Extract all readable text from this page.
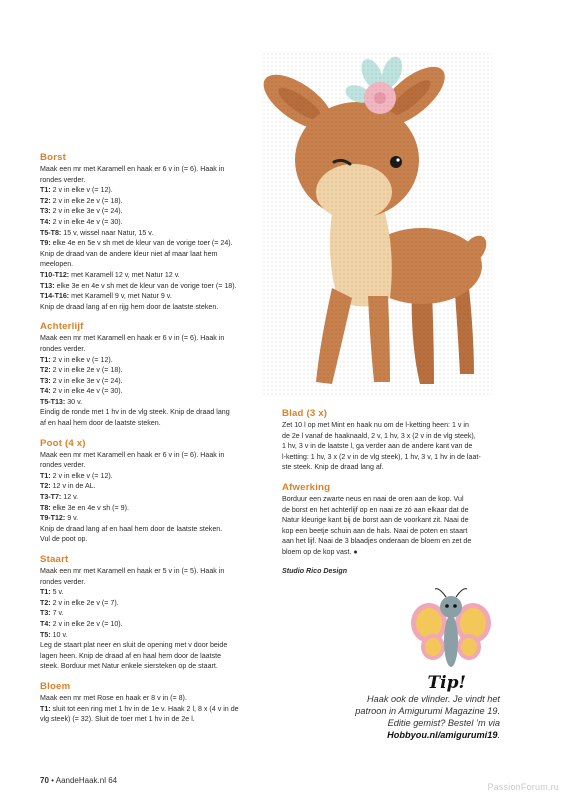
Borst
Maak een mr met Karamell en haak er 6 v in (= 6). Haak in
rondes verder.
T1: 2 v in elke v (= 12).
T2: 2 v in elke 2e v (= 18).
T3: 2 v in elke 3e v (= 24).
T4: 2 v in elke 4e v (= 30).
T5-T8: 15 v, wissel naar Natur, 15 v.
T9: elke 4e en 5e v sh met de kleur van de vorige toer (= 24).
Knip de draad van de andere kleur niet af maar laat hem
meelopen.
T10-T12: met Karamell 12 v, met Natur 12 v.
T13: elke 3e en 4e v sh met de kleur van de vorige toer (= 18).
T14-T16: met Karamell 9 v, met Natur 9 v.
Knip de draad lang af en rijg hem door de laatste steken.
Achterlijf
Maak een mr met Karamell en haak er 6 v in (= 6). Haak in
rondes verder.
T1: 2 v in elke v (= 12).
T2: 2 v in elke 2e v (= 18).
T3: 2 v in elke 3e v (= 24).
T4: 2 v in elke 4e v (= 30).
T5-T13: 30 v.
Eindig de ronde met 1 hv in de vlg steek. Knip de draad lang
af en haal hem door de laatste steken.
Poot (4 x)
Maak een mr met Karamell en haak er 6 v in (= 6). Haak in
rondes verder.
T1: 2 v in elke v (= 12).
T2: 12 v in de AL.
T3-T7: 12 v.
T8: elke 3e en 4e v sh (= 9).
T9-T12: 9 v.
Knip de draad lang af en haal hem door de laatste steken.
Vul de poot op.
Staart
Maak een mr met Karamell en haak er 5 v in (= 5). Haak in
rondes verder.
T1: 5 v.
T2: 2 v in elke 2e v (= 7).
T3: 7 v.
T4: 2 v in elke 2e v (= 10).
T5: 10 v.
Leg de staart plat neer en sluit de opening met v door beide
lagen heen. Knip de draad af en haal hem door de laatste
steek. Borduur met Natur enkele siersteken op de staart.
Bloem
Maak een mr met Rose en haak er 8 v in (= 8).
T1: sluit tot een ring met 1 hv in de 1e v. Haak 2 l, 8 x (4 v in de
vlg steek) (= 32). Sluit de toer met 1 hv in de 2e l.
Blad (3 x)
Zet 10 l op met Mint en haak nu om de l-ketting heen: 1 v in
de 2e l vanaf de haaknaald, 2 v, 1 hv, 3 x (2 v in de vlg steek),
1 hv, 3 v in de laatste l, ga verder aan de andere kant van de
l-ketting: 1 hv, 3 x (2 v in de vlg steek), 1 hv, 3 v, 1 hv in de laat-
ste steek. Knip de draad lang af.
Afwerking
Borduur een zwarte neus en naai de oren aan de kop. Vul
de borst en het achterlijf op en naai ze zó aan elkaar dat de
Natur kleurige kant bij de borst aan de voorkant zit. Naai de
kop een beetje schuin aan de hals. Naai de poten en staart
aan het lijf. Naai de 3 blaadjes onderaan de bloem en zet de
bloem op de kop vast. ●
Studio Rico Design
Tip!
Haak ook de vlinder. Je vindt het
patroon in Amigurumi Magazine 19.
Editie gemist? Bestel ’m via
Hobbyou.nl/amigurumi19.
70 • AandeHaak.nl 64
PassionForum.ru
